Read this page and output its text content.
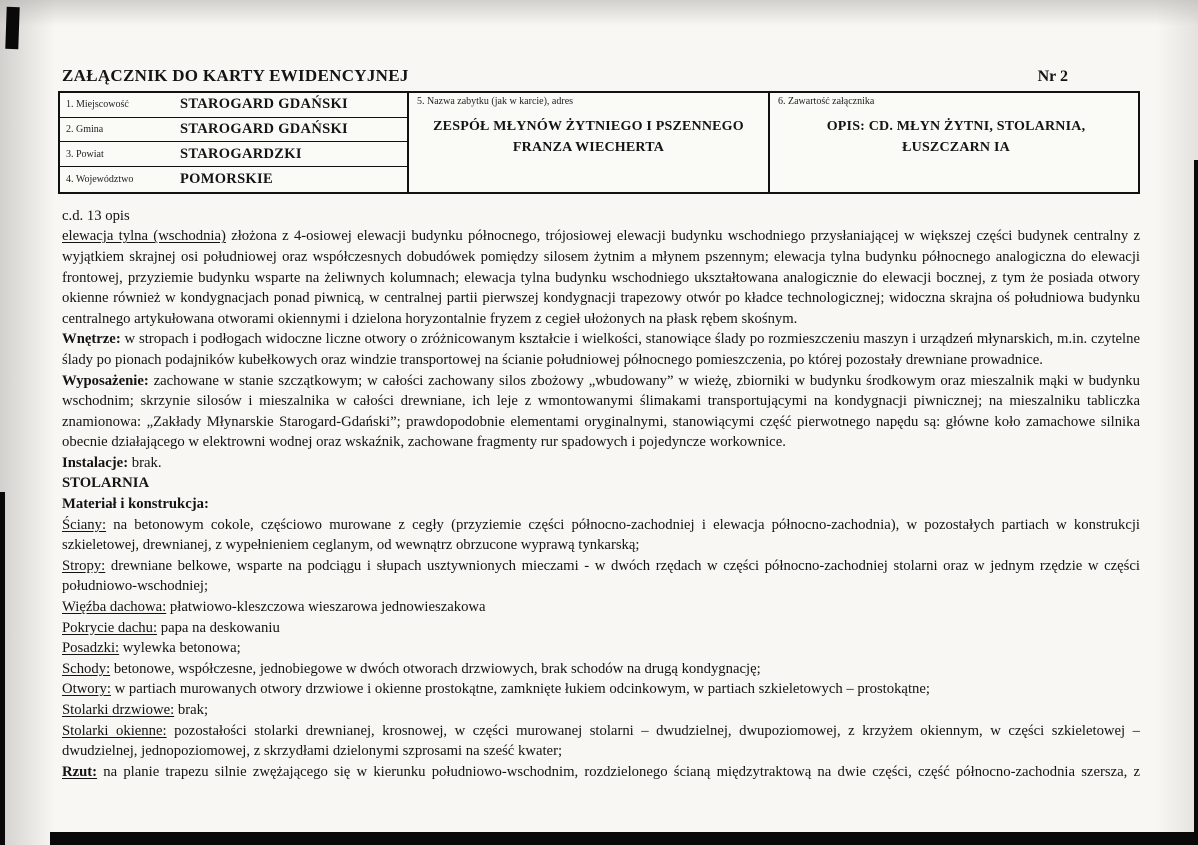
ZAŁĄCZNIK DO KARTY EWIDENCYJNEJ	Nr 2
1. Miejscowość	STAROGARD GDAŃSKI
2. Gmina	STAROGARD GDAŃSKI
3. Powiat	STAROGARDZKI
4. Województwo	POMORSKIE
5. Nazwa zabytku (jak w karcie), adres
ZESPÓŁ MŁYNÓW ŻYTNIEGO I PSZENNEGO
FRANZA WIECHERTA
6. Zawartość załącznika
OPIS: CD. MŁYN ŻYTNI, STOLARNIA,
ŁUSZCZARN IA

c.d. 13 opis

elewacja tylna (wschodnia) złożona z 4-osiowej elewacji budynku północnego, trójosiowej elewacji budynku wschodniego przysłaniającej w większej części budynek centralny z wyjątkiem skrajnej osi południowej oraz współczesnych dobudówek pomiędzy silosem żytnim a młynem pszennym; elewacja tylna budynku północnego analogiczna do elewacji frontowej, przyziemie budynku wsparte na żeliwnych kolumnach; elewacja tylna budynku wschodniego ukształtowana analogicznie do elewacji bocznej, z tym że posiada otwory okienne również w kondygnacjach ponad piwnicą, w centralnej partii pierwszej kondygnacji trapezowy otwór po kładce technologicznej; widoczna skrajna oś południowa budynku centralnego artykułowana otworami okiennymi i dzielona horyzontalnie fryzem z cegieł ułożonych na płask rębem skośnym.

Wnętrze: w stropach i podłogach widoczne liczne otwory o zróżnicowanym kształcie i wielkości, stanowiące ślady po rozmieszczeniu maszyn i urządzeń młynarskich, m.in. czytelne ślady po pionach podajników kubełkowych oraz windzie transportowej na ścianie południowej północnego pomieszczenia, po której pozostały drewniane prowadnice.

Wyposażenie: zachowane w stanie szczątkowym; w całości zachowany silos zbożowy „wbudowany” w wieżę, zbiorniki w budynku środkowym oraz mieszalnik mąki w budynku wschodnim; skrzynie silosów i mieszalnika w całości drewniane, ich leje z wmontowanymi ślimakami transportującymi na kondygnacji piwnicznej; na mieszalniku tabliczka znamionowa: „Zakłady Młynarskie Starogard-Gdański”; prawdopodobnie elementami oryginalnymi, stanowiącymi część pierwotnego napędu są: główne koło zamachowe silnika obecnie działającego w elektrowni wodnej oraz wskaźnik, zachowane fragmenty rur spadowych i pojedyncze workownice.

Instalacje: brak.

STOLARNIA

Materiał i konstrukcja:

Ściany: na betonowym cokole, częściowo murowane z cegły (przyziemie części północno-zachodniej i elewacja północno-zachodnia), w pozostałych partiach w konstrukcji szkieletowej, drewnianej, z wypełnieniem ceglanym, od wewnątrz obrzucone wyprawą tynkarską;

Stropy: drewniane belkowe, wsparte na podciągu i słupach usztywnionych mieczami - w dwóch rzędach w części północno-zachodniej stolarni oraz w jednym rzędzie w części południowo-wschodniej;

Więźba dachowa: płatwiowo-kleszczowa wieszarowa jednowieszakowa

Pokrycie dachu: papa na deskowaniu

Posadzki: wylewka betonowa;

Schody: betonowe, współczesne, jednobiegowe w dwóch otworach drzwiowych, brak schodów na drugą kondygnację;

Otwory: w partiach murowanych otwory drzwiowe i okienne prostokątne, zamknięte łukiem odcinkowym, w partiach szkieletowych – prostokątne;

Stolarki drzwiowe: brak;

Stolarki okienne: pozostałości stolarki drewnianej, krosnowej, w części murowanej stolarni – dwudzielnej, dwupoziomowej, z krzyżem okiennym, w części szkieletowej – dwudzielnej, jednopoziomowej, z skrzydłami dzielonymi szprosami na sześć kwater;

Rzut: na planie trapezu silnie zwężającego się w kierunku południowo-wschodnim, rozdzielonego ścianą międzytraktową na dwie części, część północno-zachodnia szersza, z
